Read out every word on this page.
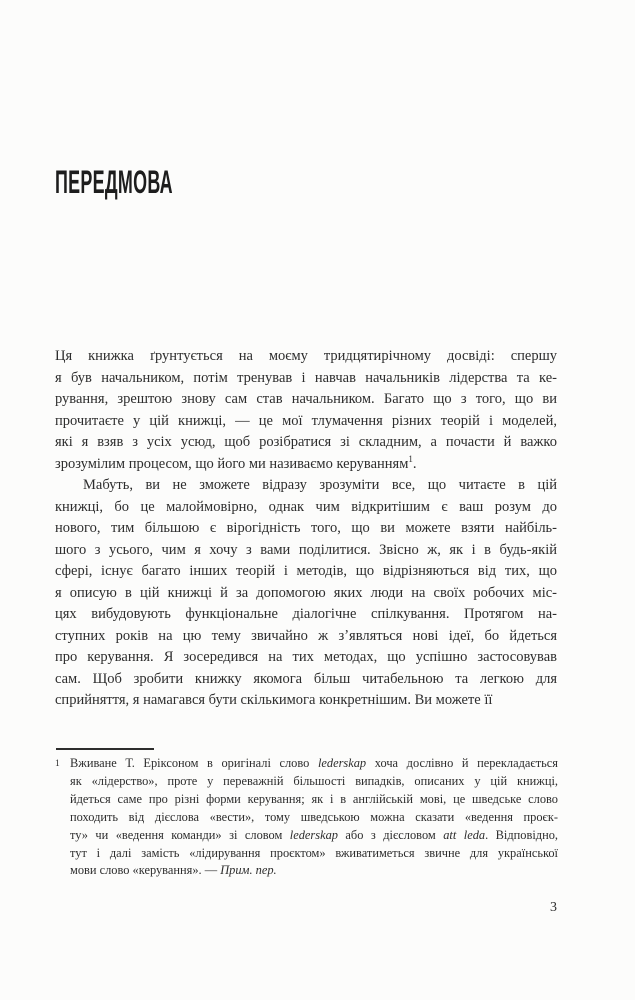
ПЕРЕДМОВА
Ця книжка ґрунтується на моєму тридцятирічному досвіді: спершу
я був начальником, потім тренував і навчав начальників лідерства та ке-
рування, зрештою знову сам став начальником. Багато що з того, що ви
прочитаєте у цій книжці, — це мої тлумачення різних теорій і моделей,
які я взяв з усіх усюд, щоб розібратися зі складним, а почасти й важко
зрозумілим процесом, що його ми називаємо керуванням$^1$.
Мабуть, ви не зможете відразу зрозуміти все, що читаєте в цій
книжці, бо це малоймовірно, однак чим відкритішим є ваш розум до
нового, тим більшою є вірогідність того, що ви можете взяти найбіль-
шого з усього, чим я хочу з вами поділитися. Звісно ж, як і в будь-якій
сфері, існує багато інших теорій і методів, що відрізняються від тих, що
я описую в цій книжці й за допомогою яких люди на своїх робочих міс-
цях вибудовують функціональне діалогічне спілкування. Протягом на-
ступних років на цю тему звичайно ж зʼявляться нові ідеї, бо йдеться
про керування. Я зосередився на тих методах, що успішно застосовував
сам. Щоб зробити книжку якомога більш читабельною та легкою для
сприйняття, я намагався бути скількимога конкретнішим. Ви можете її
1 Вживане Т. Еріксоном в оригіналі слово lederskap хоча дослівно й перекладається
як «лідерство», проте у переважній більшості випадків, описаних у цій книжці,
йдеться саме про різні форми керування; як і в англійській мові, це шведське слово
походить від дієслова «вести», тому шведською можна сказати «ведення проєк-
ту» чи «ведення команди» зі словом lederskap або з дієсловом att leda. Відповідно,
тут і далі замість «лідирування проєктом» вживатиметься звичне для української
мови слово «керування». — Прим. пер.
3
